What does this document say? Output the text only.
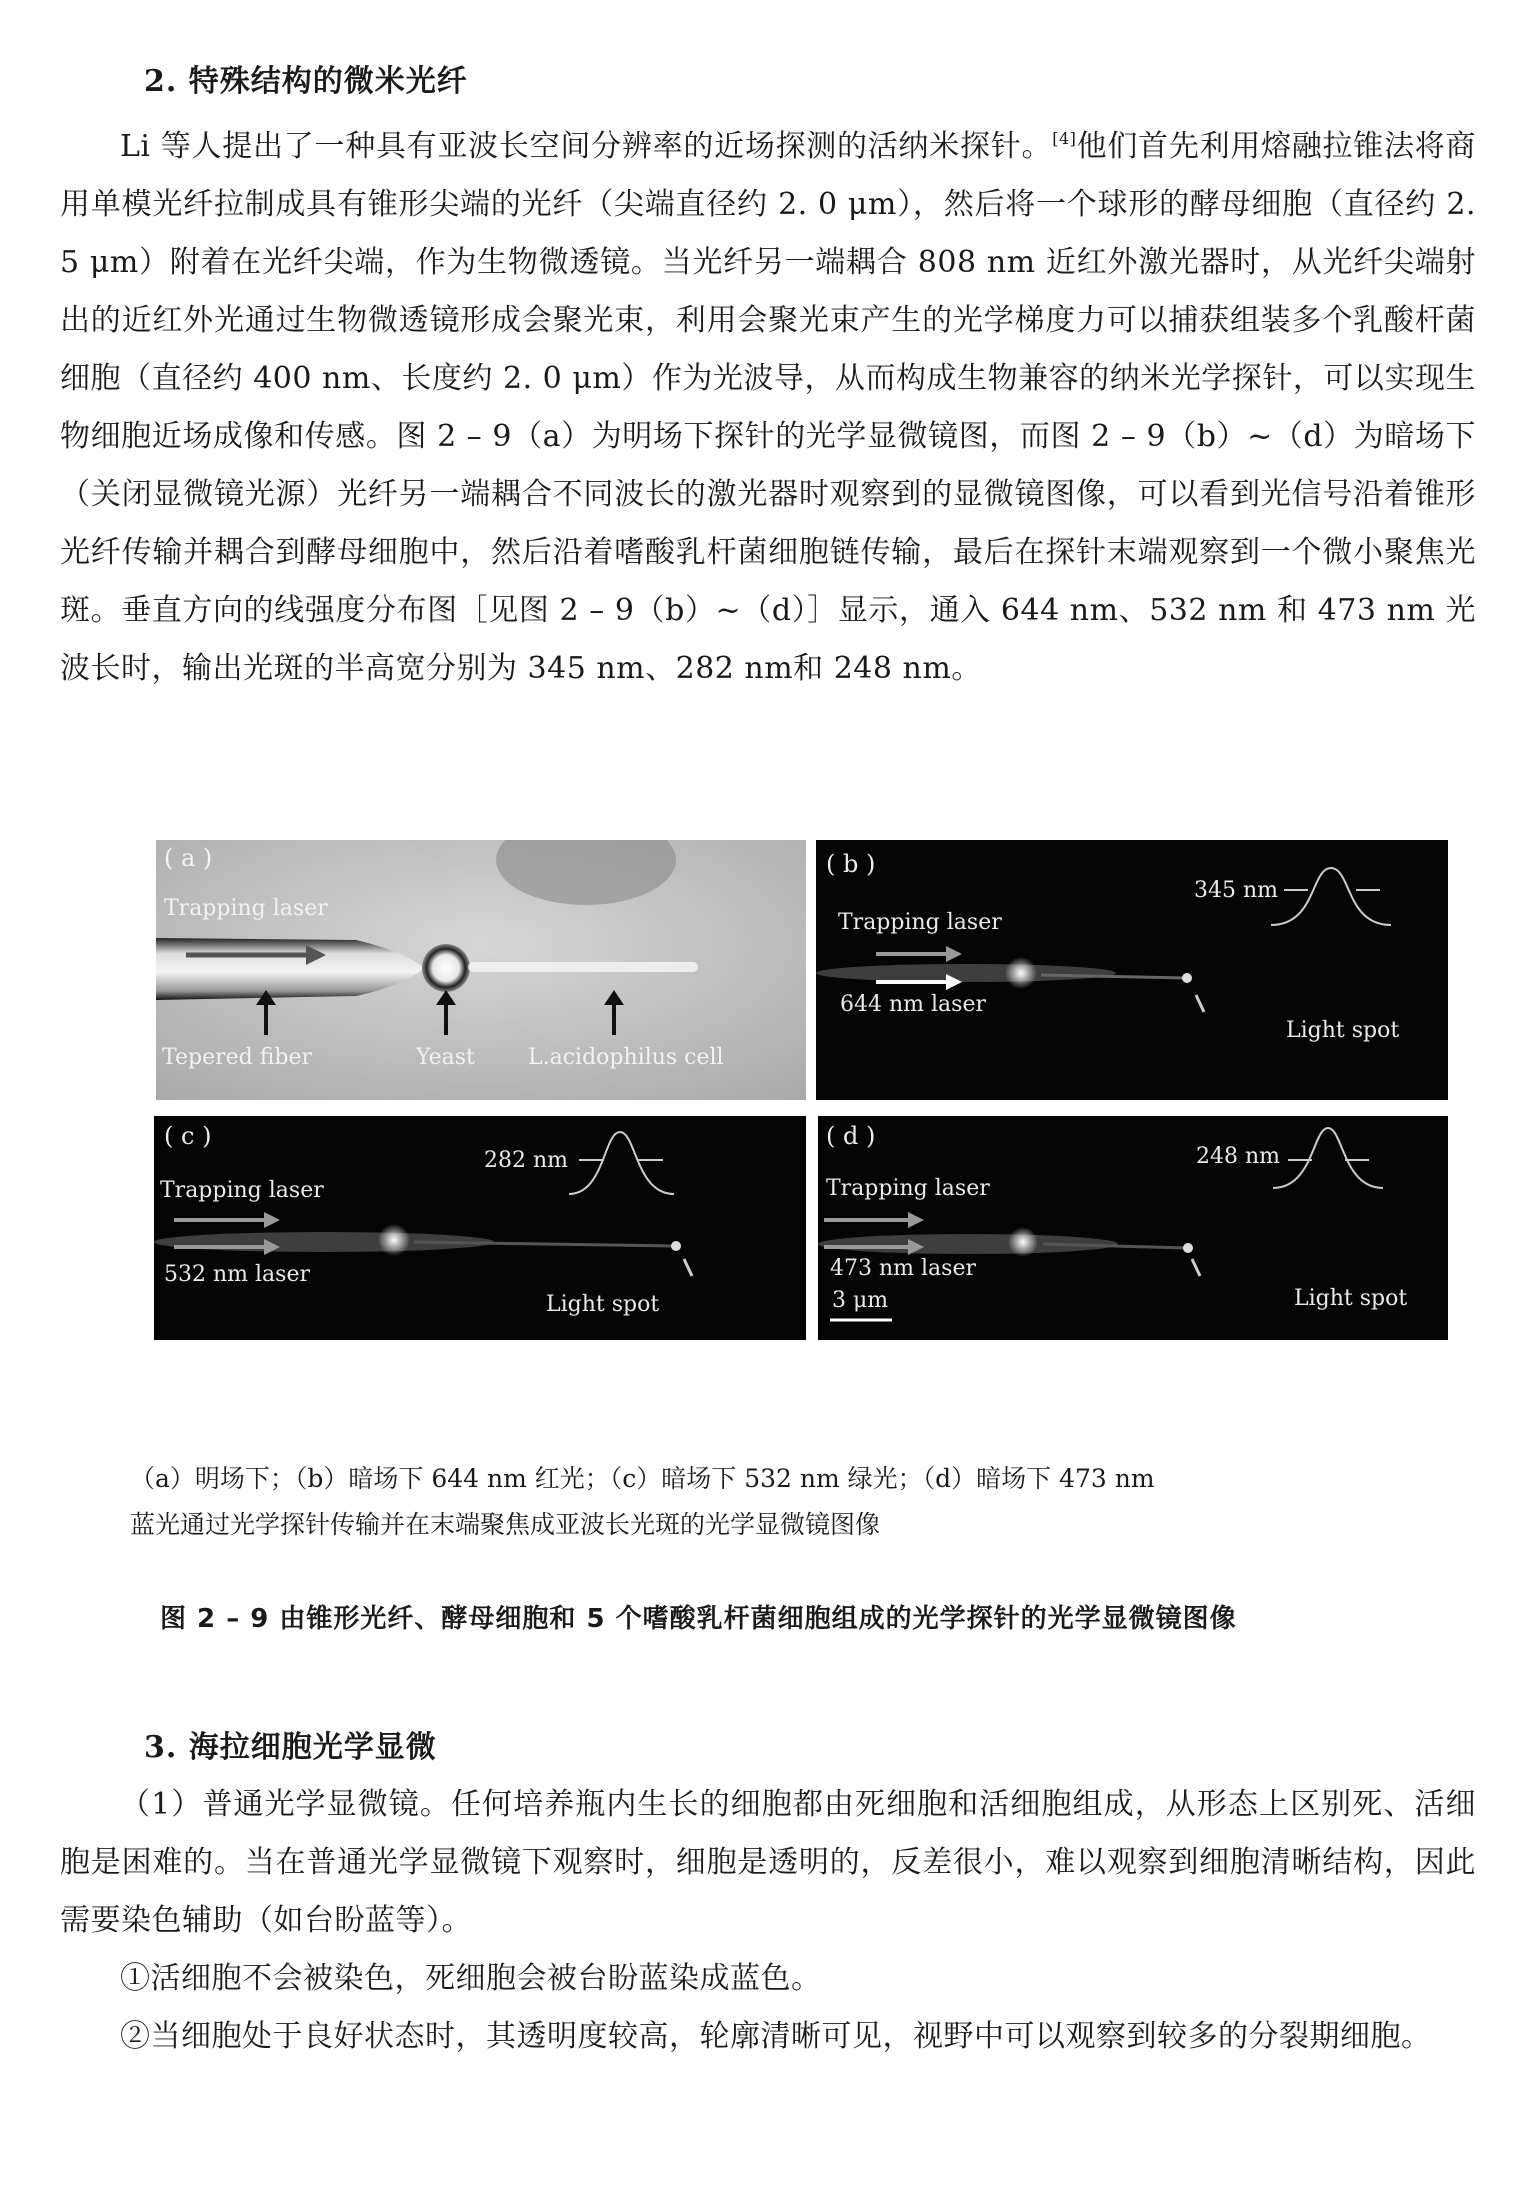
2. 特殊结构的微米光纤

Li 等人提出了一种具有亚波长空间分辨率的近场探测的活纳米探针。[4]他们首先利用熔融拉锥法将商用单模光纤拉制成具有锥形尖端的光纤（尖端直径约 2. 0 μm），然后将一个球形的酵母细胞（直径约 2. 5 μm）附着在光纤尖端，作为生物微透镜。当光纤另一端耦合 808 nm 近红外激光器时，从光纤尖端射出的近红外光通过生物微透镜形成会聚光束，利用会聚光束产生的光学梯度力可以捕获组装多个乳酸杆菌细胞（直径约 400 nm、长度约 2. 0 μm）作为光波导，从而构成生物兼容的纳米光学探针，可以实现生物细胞近场成像和传感。图 2 – 9（a）为明场下探针的光学显微镜图，而图 2 – 9（b）~（d）为暗场下（关闭显微镜光源）光纤另一端耦合不同波长的激光器时观察到的显微镜图像，可以看到光信号沿着锥形光纤传输并耦合到酵母细胞中，然后沿着嗜酸乳杆菌细胞链传输，最后在探针末端观察到一个微小聚焦光斑。垂直方向的线强度分布图［见图 2 – 9（b）~（d）］显示，通入 644 nm、532 nm 和 473 nm 光波长时，输出光斑的半高宽分别为 345 nm、282 nm和 248 nm。

( a )
Trapping laser
Tepered fiber	Yeast L.acidophilus cell
( b )
Trapping laser
644 nm laser
345 nm
Light spot
( c )
Trapping laser
532 nm laser
282 nm
Light spot
( d )
Trapping laser
473 nm laser
248 nm
Light spot
3 μm
（a）明场下；（b）暗场下 644 nm 红光；（c）暗场下 532 nm 绿光；（d）暗场下 473 nm
蓝光通过光学探针传输并在末端聚焦成亚波长光斑的光学显微镜图像
图 2 – 9 由锥形光纤、酵母细胞和 5 个嗜酸乳杆菌细胞组成的光学探针的光学显微镜图像
3. 海拉细胞光学显微

（1）普通光学显微镜。任何培养瓶内生长的细胞都由死细胞和活细胞组成，从形态上区别死、活细胞是困难的。当在普通光学显微镜下观察时，细胞是透明的，反差很小，难以观察到细胞清晰结构，因此需要染色辅助（如台盼蓝等）。

①活细胞不会被染色，死细胞会被台盼蓝染成蓝色。

②当细胞处于良好状态时，其透明度较高，轮廓清晰可见，视野中可以观察到较多的分裂期细胞。
